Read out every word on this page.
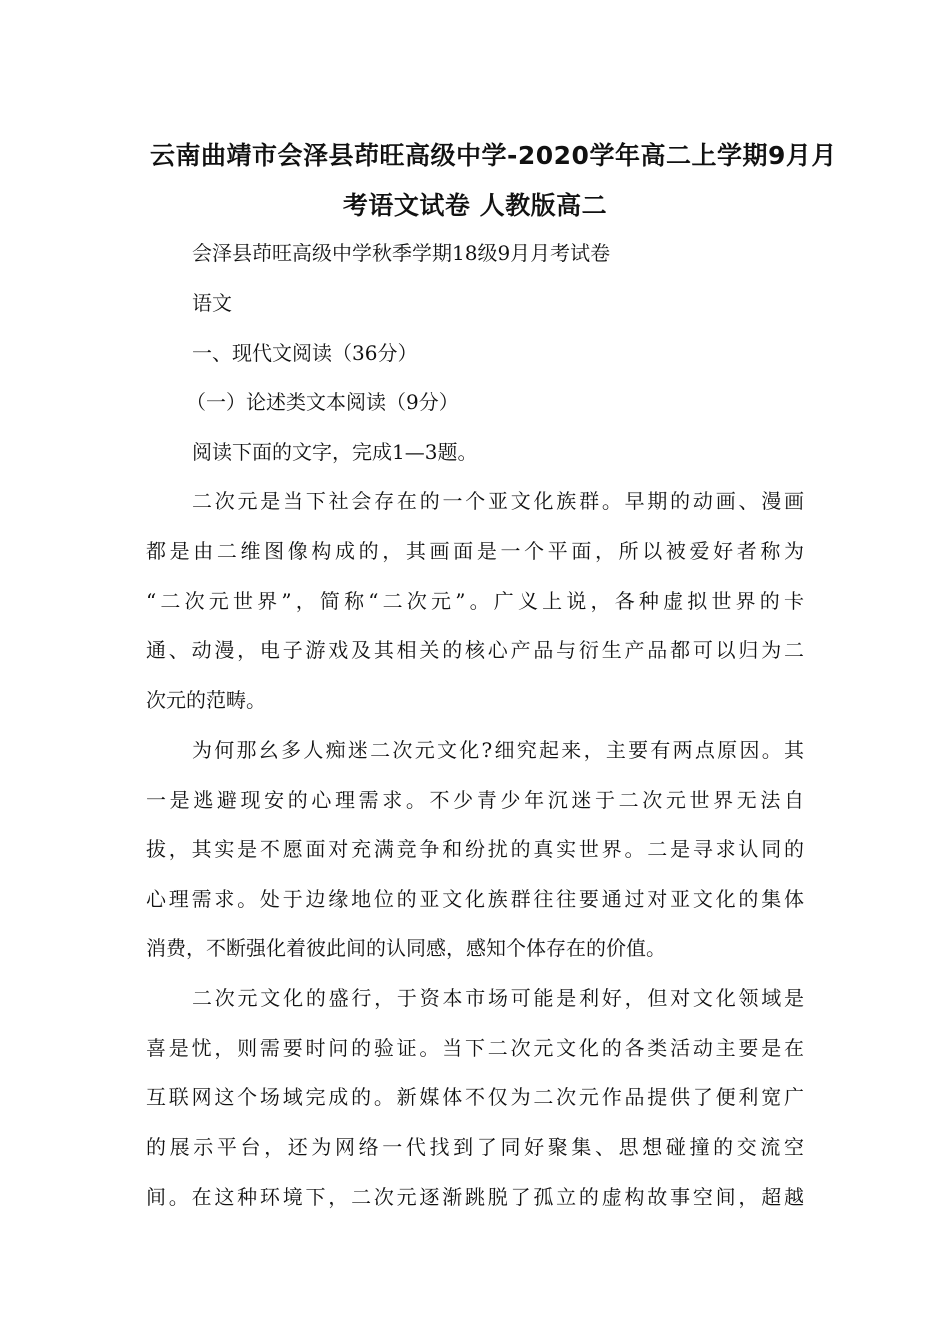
云南曲靖市会泽县茚旺高级中学-2020学年高二上学期9月月
考语文试卷 人教版高二
会泽县茚旺高级中学秋季学期18级9月月考试卷
语文
一、现代文阅读（36分）
（一）论述类文本阅读（9分）
阅读下面的文字，完成1—3题。
二次元是当下社会存在的一个亚文化族群。早期的动画、漫画
都是由二维图像构成的，其画面是一个平面，所以被爱好者称为
“二次元世界”，简称“二次元”。广义上说，各种虚拟世界的卡
通、动漫，电子游戏及其相关的核心产品与衍生产品都可以归为二
次元的范畴。
为何那幺多人痴迷二次元文化?细究起来，主要有两点原因。其
一是逃避现安的心理需求。不少青少年沉迷于二次元世界无法自
拔，其实是不愿面对充满竞争和纷扰的真实世界。二是寻求认同的
心理需求。处于边缘地位的亚文化族群往往要通过对亚文化的集体
消费，不断强化着彼此间的认同感，感知个体存在的价值。
二次元文化的盛行，于资本市场可能是利好，但对文化领域是
喜是忧，则需要时问的验证。当下二次元文化的各类活动主要是在
互联网这个场域完成的。新媒体不仅为二次元作品提供了便利宽广
的展示平台，还为网络一代找到了同好聚集、思想碰撞的交流空
间。在这种环境下，二次元逐渐跳脱了孤立的虚构故事空间，超越
